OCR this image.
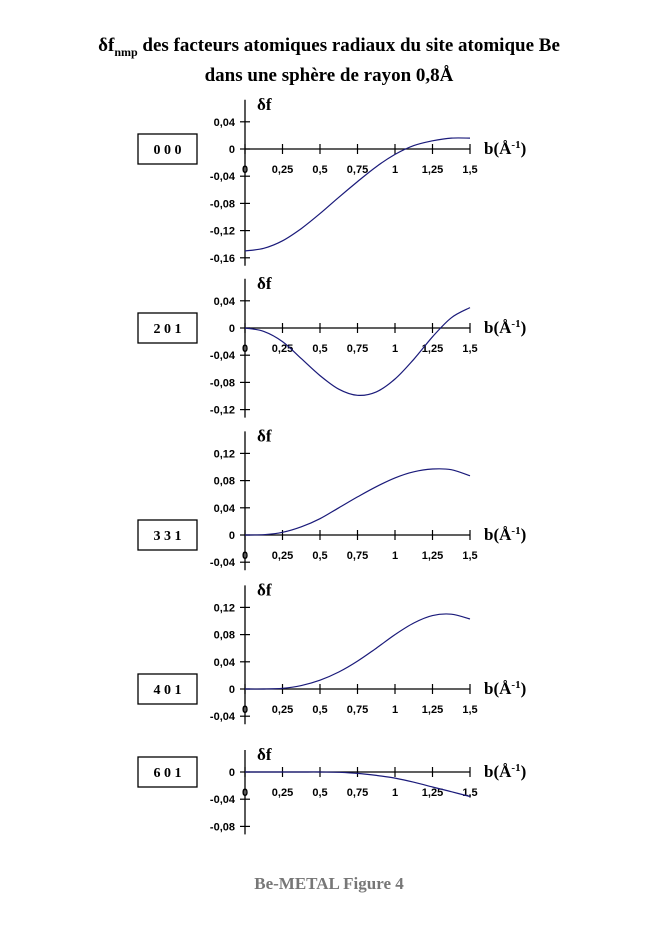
$\delta f_{nmp}$ des facteurs atomiques radiaux du site atomique Be
dans une sphère de rayon 0,8Å
0 0 0
0,04
0
-0,04
-0,08
-0,12
-0,16
0 0,25 0,5 0,75 1 1,25 1,5
δf
$b(Å^{-1})$
2 0 1
0,04
0
-0,04
-0,08
-0,12
0 0,25 0,5 0,75 1 1,25 1,5
δf
$b(Å^{-1})$
3 3 1
0,12
0,08
0,04
0
-0,04
0 0,25 0,5 0,75 1 1,25 1,5
δf
$b(Å^{-1})$
4 0 1
0,12
0,08
0,04
0
-0,04
0 0,25 0,5 0,75 1 1,25 1,5
δf
$b(Å^{-1})$
6 0 1	0
-0,04
-0,08
0 0,25 0,5 0,75 1 1,25 1,5
δf
$b(Å^{-1})$
Be-METAL Figure 4
